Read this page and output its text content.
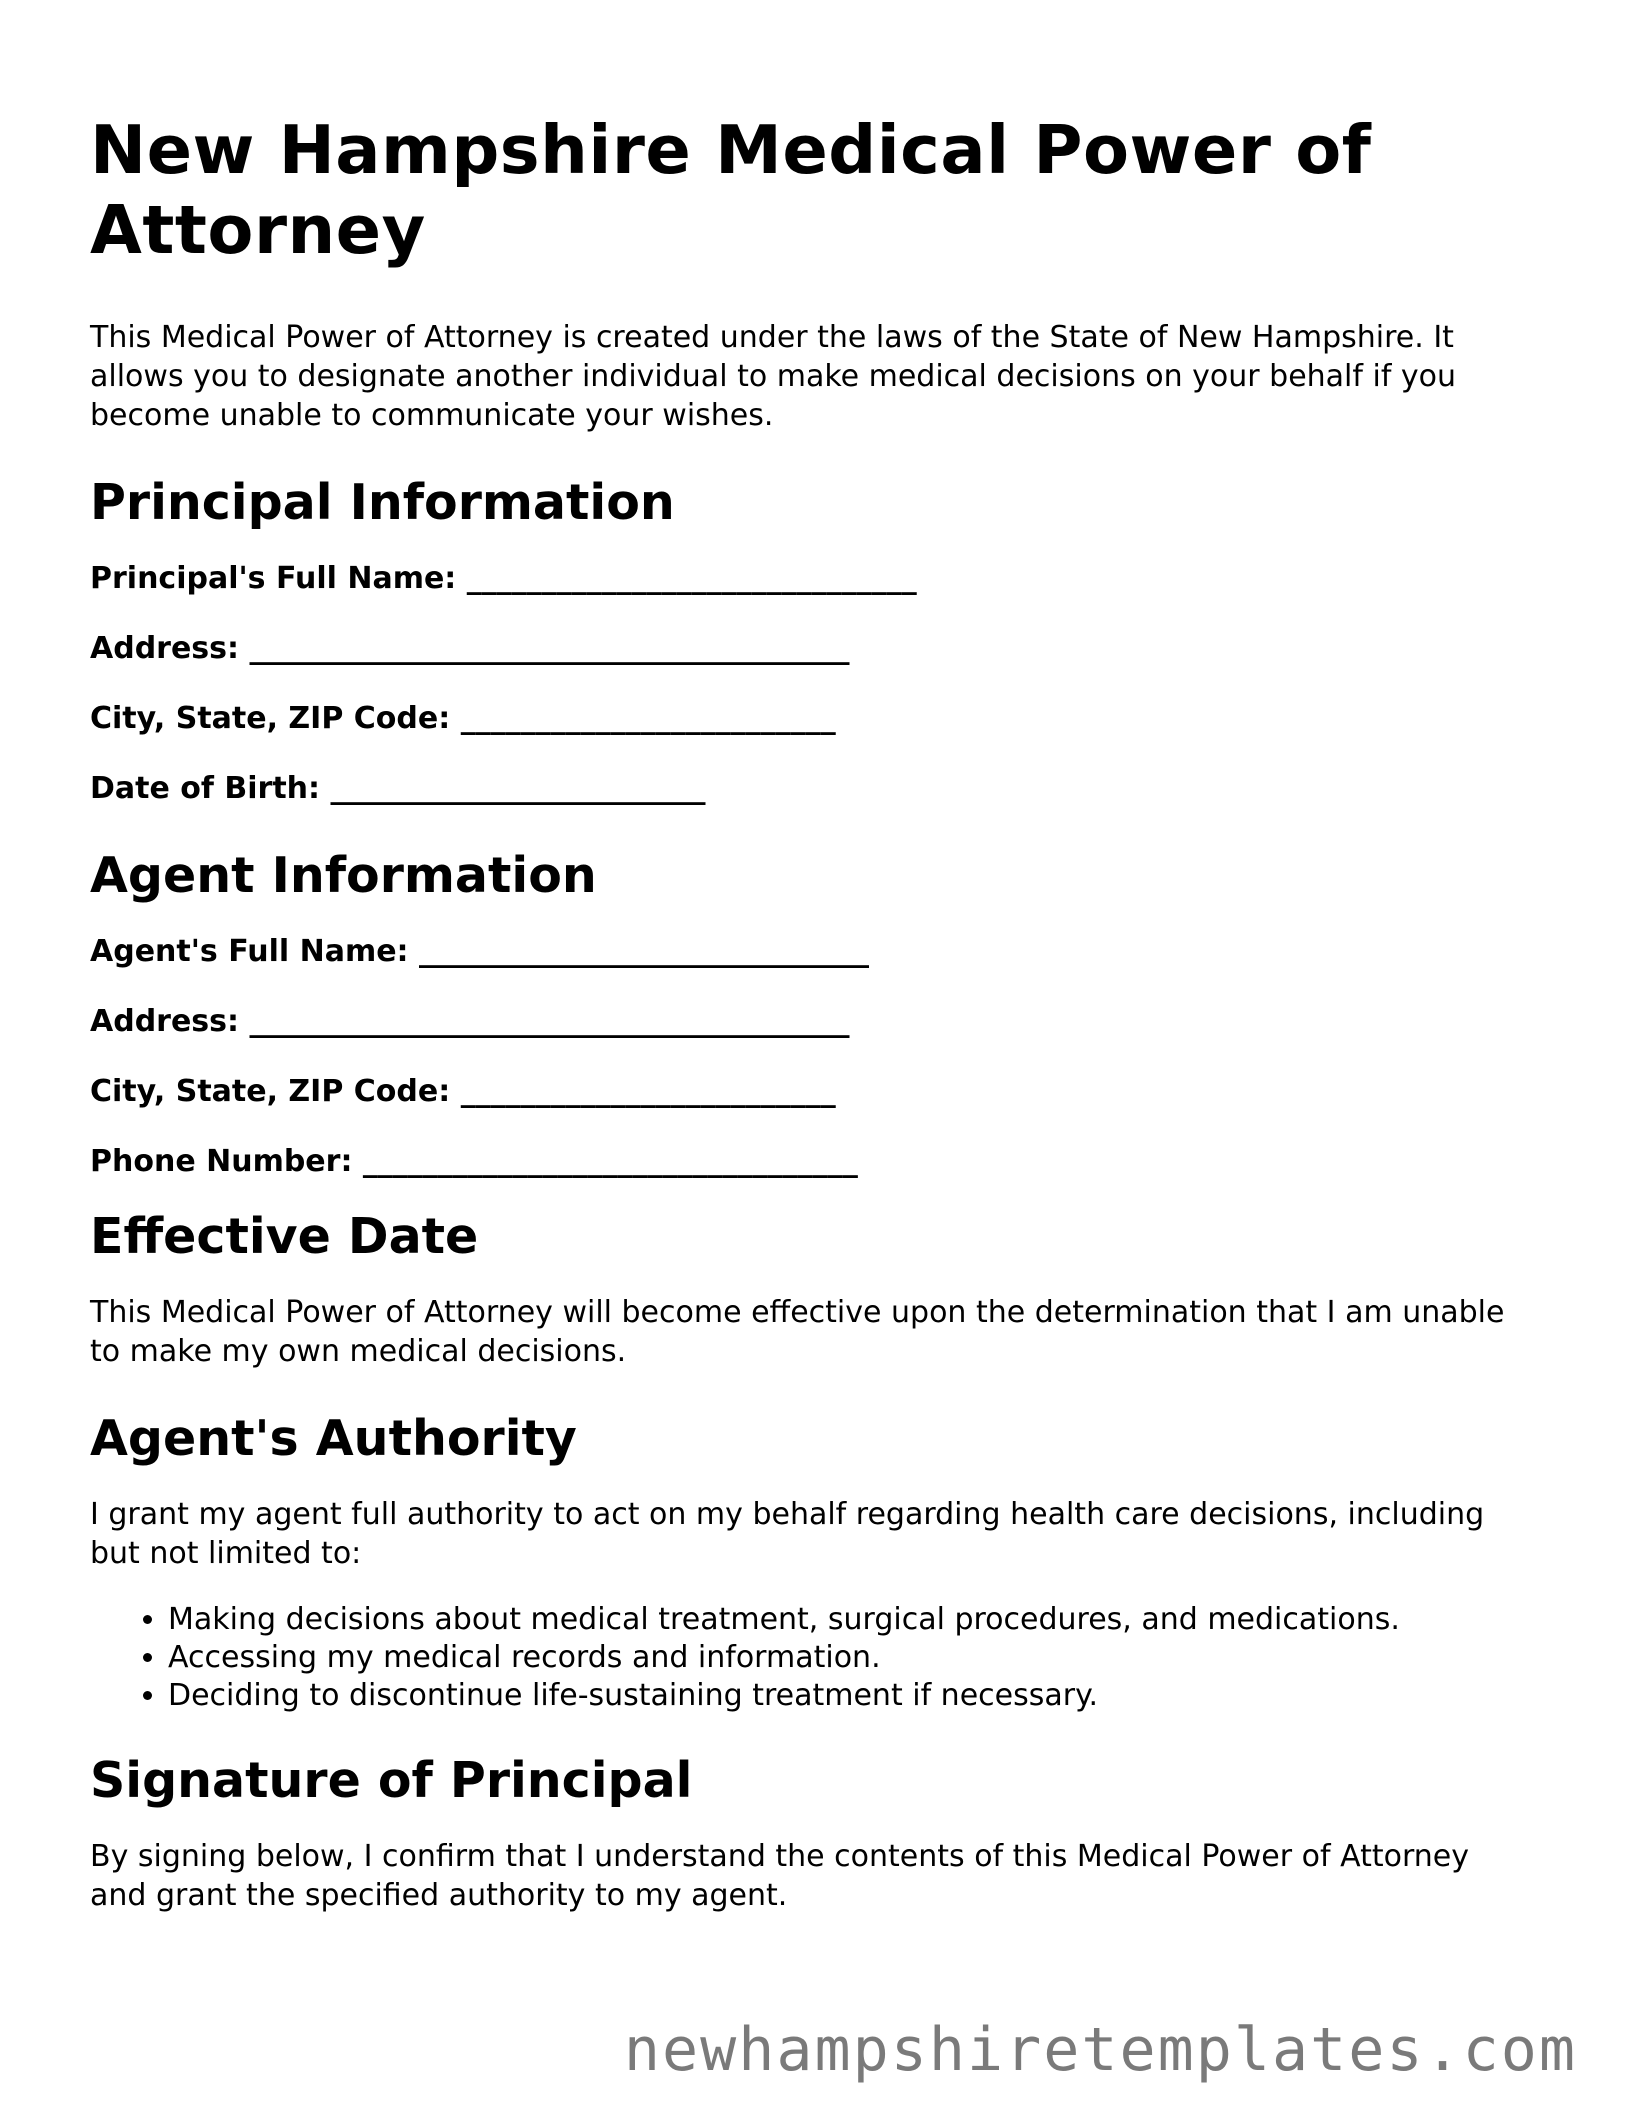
New Hampshire Medical Power of Attorney

This Medical Power of Attorney is created under the laws of the State of New Hampshire. It allows you to designate another individual to make medical decisions on your behalf if you become unable to communicate your wishes.

Principal Information
Principal's Full Name: ______________________________
Address: ________________________________________
City, State, ZIP Code: _________________________
Date of Birth: _________________________
Agent Information
Agent's Full Name: ______________________________
Address: ________________________________________
City, State, ZIP Code: _________________________
Phone Number: _________________________________
Effective Date

This Medical Power of Attorney will become effective upon the determination that I am unable to make my own medical decisions.

Agent's Authority

I grant my agent full authority to act on my behalf regarding health care decisions, including but not limited to:

• Making decisions about medical treatment, surgical procedures, and medications.
• Accessing my medical records and information.
• Deciding to discontinue life-sustaining treatment if necessary.
Signature of Principal

By signing below, I confirm that I understand the contents of this Medical Power of Attorney and grant the specified authority to my agent.

newhampshiretemplates.com
